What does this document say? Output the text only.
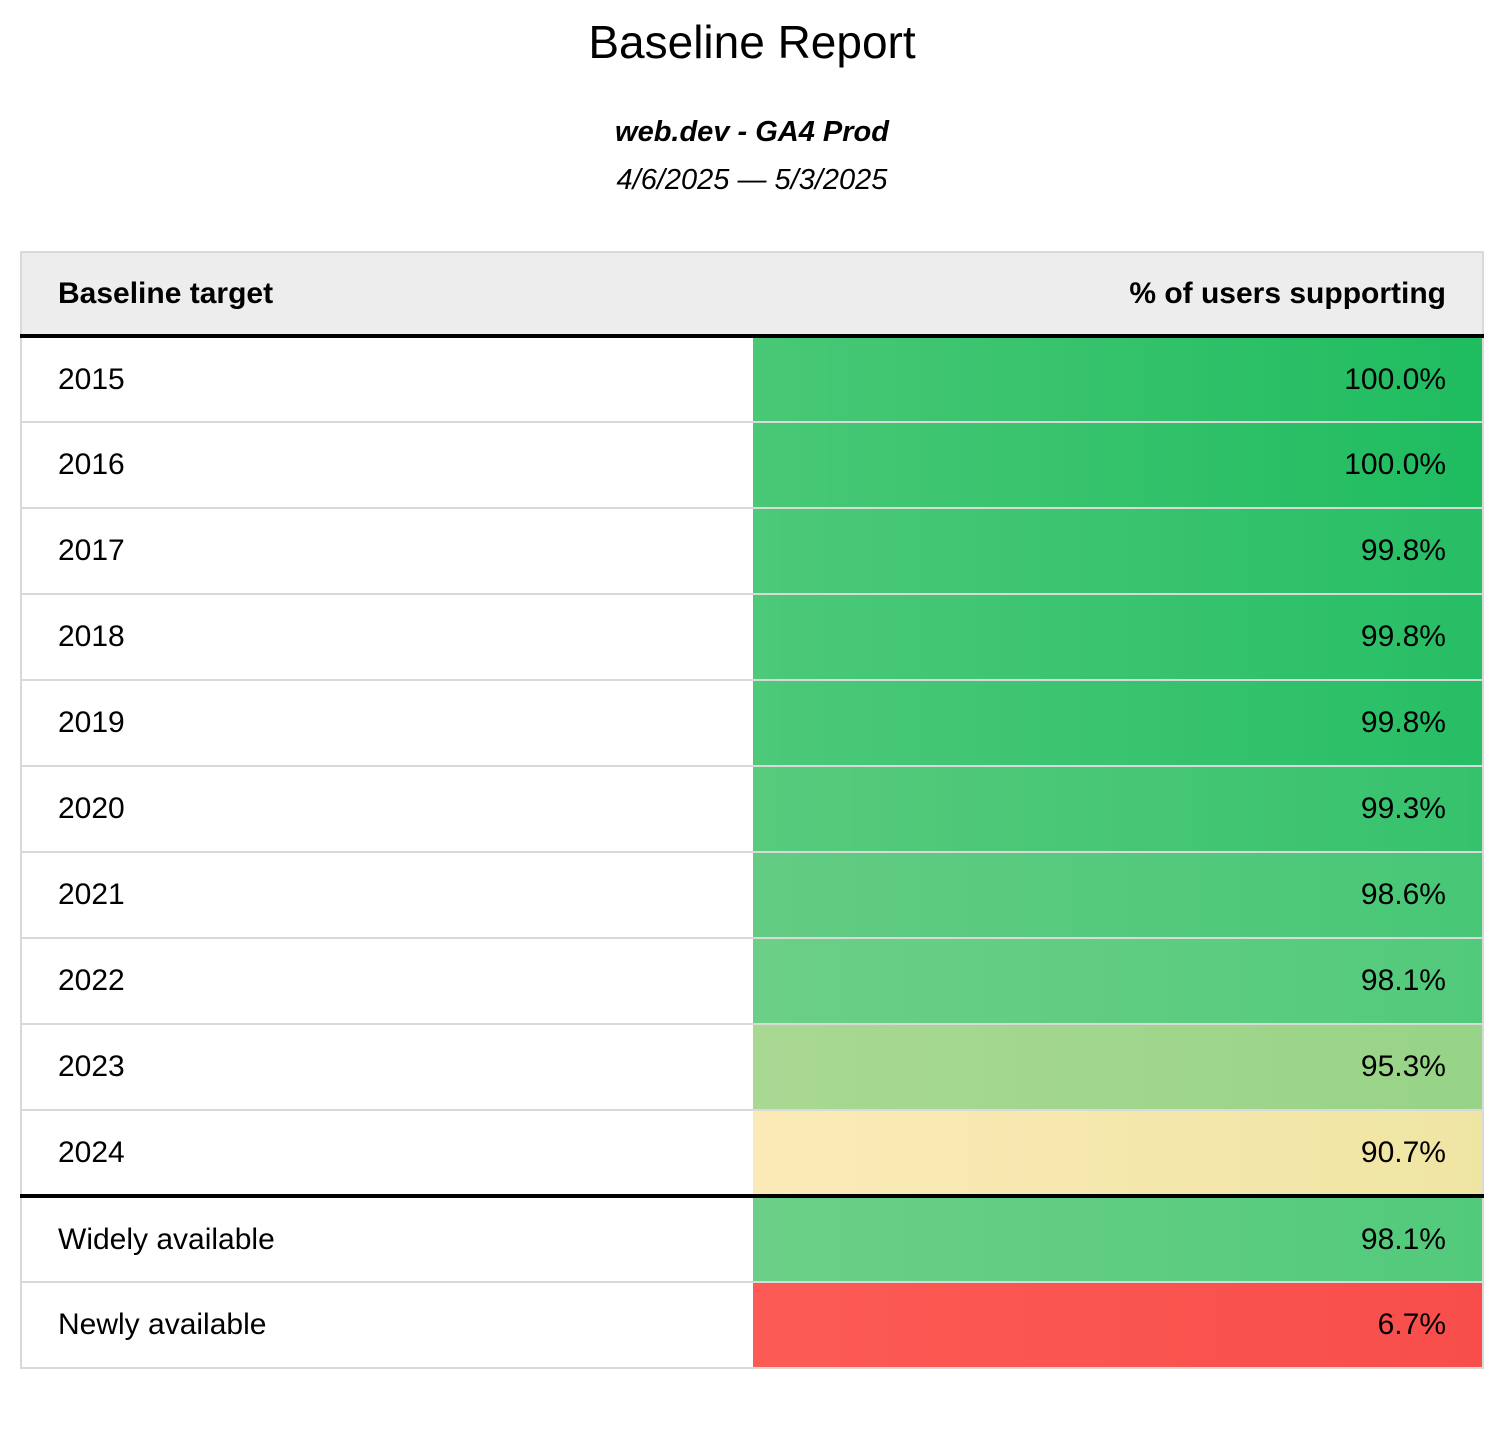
Baseline Report
web.dev - GA4 Prod
4/6/2025 — 5/3/2025
Baseline target	% of users supporting
2015	100.0%
2016	100.0%
2017	99.8%
2018	99.8%
2019	99.8%
2020	99.3%
2021	98.6%
2022	98.1%
2023	95.3%
2024	90.7%
Widely available	98.1%
Newly available	6.7%
